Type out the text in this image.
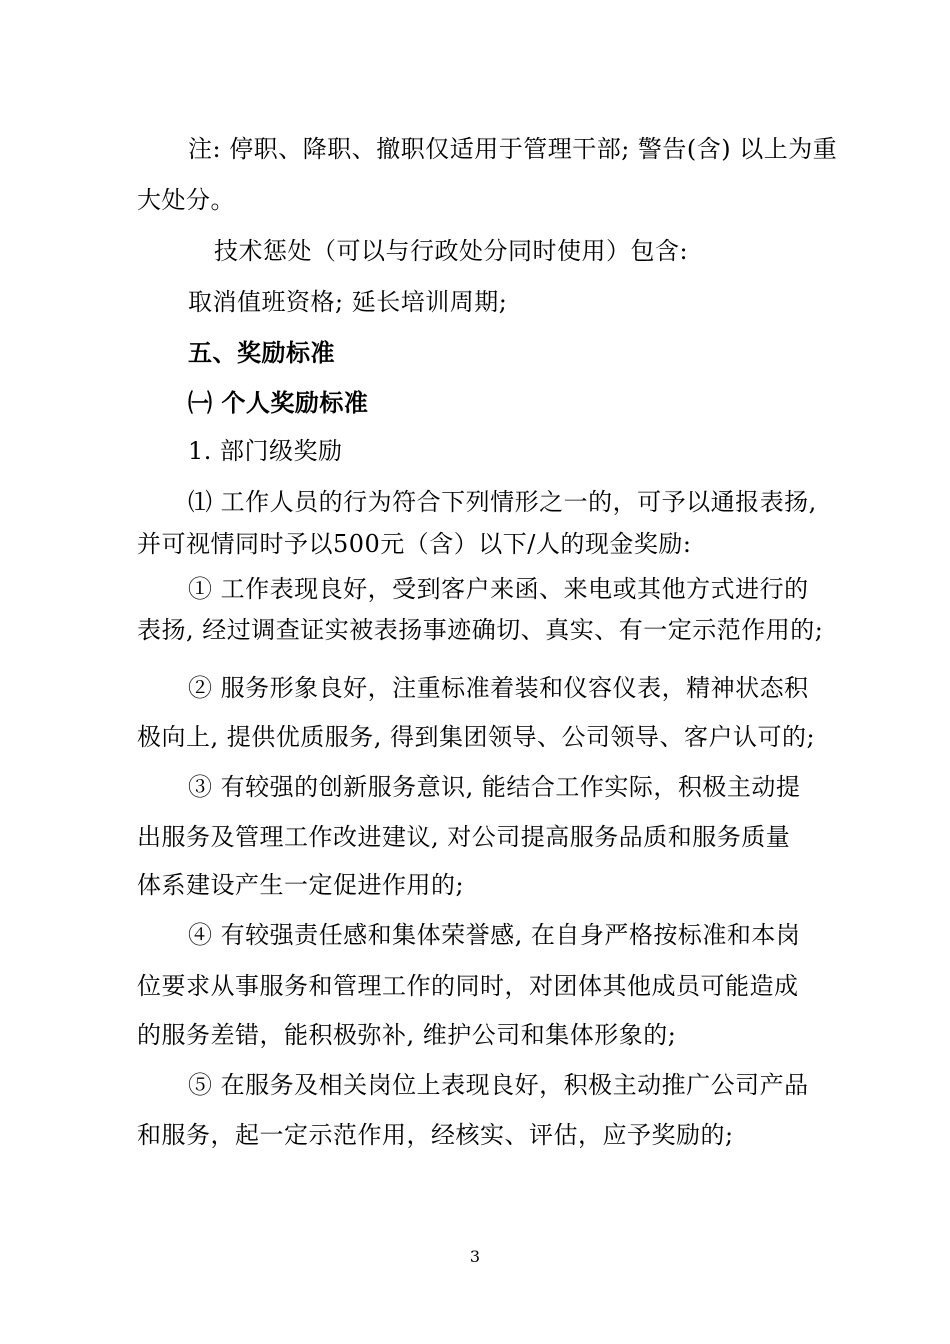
注: 停职、降职、撤职仅适用于管理干部; 警告(含) 以上为重
大处分。
技术惩处（可以与行政处分同时使用）包含:
取消值班资格; 延长培训周期;
五、奖励标准
㈠ 个人奖励标准
1. 部门级奖励
⑴ 工作人员的行为符合下列情形之一的，可予以通报表扬,
并可视情同时予以500元（含）以下/人的现金奖励:
① 工作表现良好，受到客户来函、来电或其他方式进行的
表扬, 经过调查证实被表扬事迹确切、真实、有一定示范作用的;
② 服务形象良好，注重标准着装和仪容仪表，精神状态积
极向上, 提供优质服务, 得到集团领导、公司领导、客户认可的;
③ 有较强的创新服务意识, 能结合工作实际，积极主动提
出服务及管理工作改进建议, 对公司提高服务品质和服务质量
体系建设产生一定促进作用的;
④ 有较强责任感和集体荣誉感, 在自身严格按标准和本岗
位要求从事服务和管理工作的同时，对团体其他成员可能造成
的服务差错，能积极弥补, 维护公司和集体形象的;
⑤ 在服务及相关岗位上表现良好，积极主动推广公司产品
和服务，起一定示范作用，经核实、评估，应予奖励的;
3
